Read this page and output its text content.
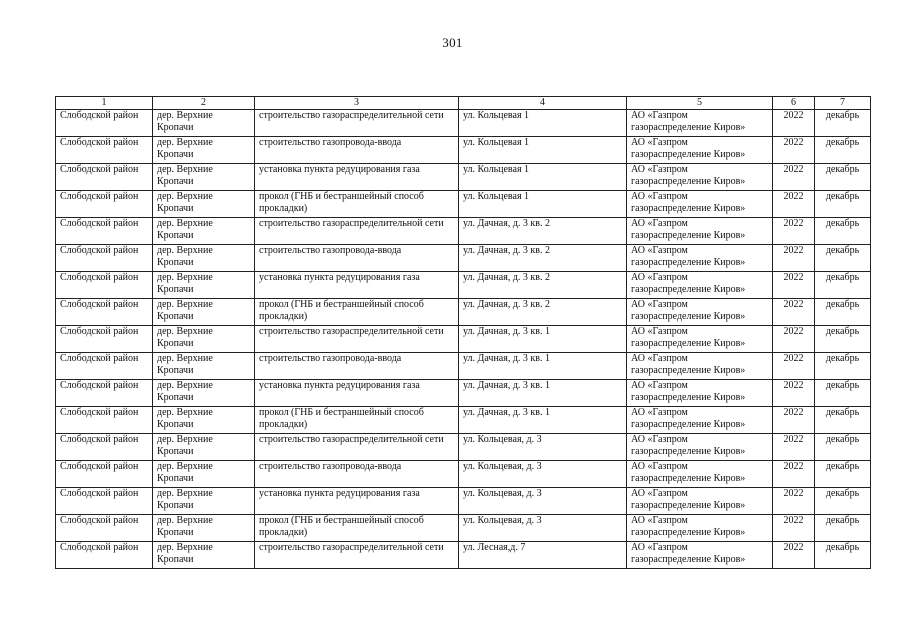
301
1	2	3	4	5	6	7
Слободской район	дер. Верхние Кропачи	строительство газораспределительной сети	ул. Кольцевая 1	АО «Газпром газораспределение Киров»	2022	декабрь
Слободской район	дер. Верхние Кропачи	строительство газопровода-ввода	ул. Кольцевая 1	АО «Газпром газораспределение Киров»	2022	декабрь
Слободской район	дер. Верхние Кропачи	установка пункта редуцирования газа	ул. Кольцевая 1	АО «Газпром газораспределение Киров»	2022	декабрь
Слободской район	дер. Верхние Кропачи	прокол (ГНБ и бестраншейный способ прокладки)	ул. Кольцевая 1	АО «Газпром газораспределение Киров»	2022	декабрь
Слободской район	дер. Верхние Кропачи	строительство газораспределительной сети	ул. Дачная, д. 3 кв. 2	АО «Газпром газораспределение Киров»	2022	декабрь
Слободской район	дер. Верхние Кропачи	строительство газопровода-ввода	ул. Дачная, д. 3 кв. 2	АО «Газпром газораспределение Киров»	2022	декабрь
Слободской район	дер. Верхние Кропачи	установка пункта редуцирования газа	ул. Дачная, д. 3 кв. 2	АО «Газпром газораспределение Киров»	2022	декабрь
Слободской район	дер. Верхние Кропачи	прокол (ГНБ и бестраншейный способ прокладки)	ул. Дачная, д. 3 кв. 2	АО «Газпром газораспределение Киров»	2022	декабрь
Слободской район	дер. Верхние Кропачи	строительство газораспределительной сети	ул. Дачная, д. 3 кв. 1	АО «Газпром газораспределение Киров»	2022	декабрь
Слободской район	дер. Верхние Кропачи	строительство газопровода-ввода	ул. Дачная, д. 3 кв. 1	АО «Газпром газораспределение Киров»	2022	декабрь
Слободской район	дер. Верхние Кропачи	установка пункта редуцирования газа	ул. Дачная, д. 3 кв. 1	АО «Газпром газораспределение Киров»	2022	декабрь
Слободской район	дер. Верхние Кропачи	прокол (ГНБ и бестраншейный способ прокладки)	ул. Дачная, д. 3 кв. 1	АО «Газпром газораспределение Киров»	2022	декабрь
Слободской район	дер. Верхние Кропачи	строительство газораспределительной сети	ул. Кольцевая, д. 3	АО «Газпром газораспределение Киров»	2022	декабрь
Слободской район	дер. Верхние Кропачи	строительство газопровода-ввода	ул. Кольцевая, д. 3	АО «Газпром газораспределение Киров»	2022	декабрь
Слободской район	дер. Верхние Кропачи	установка пункта редуцирования газа	ул. Кольцевая, д. 3	АО «Газпром газораспределение Киров»	2022	декабрь
Слободской район	дер. Верхние Кропачи	прокол (ГНБ и бестраншейный способ прокладки)	ул. Кольцевая, д. 3	АО «Газпром газораспределение Киров»	2022	декабрь
Слободской район	дер. Верхние Кропачи	строительство газораспределительной сети	ул. Лесная,д. 7	АО «Газпром газораспределение Киров»	2022	декабрь
